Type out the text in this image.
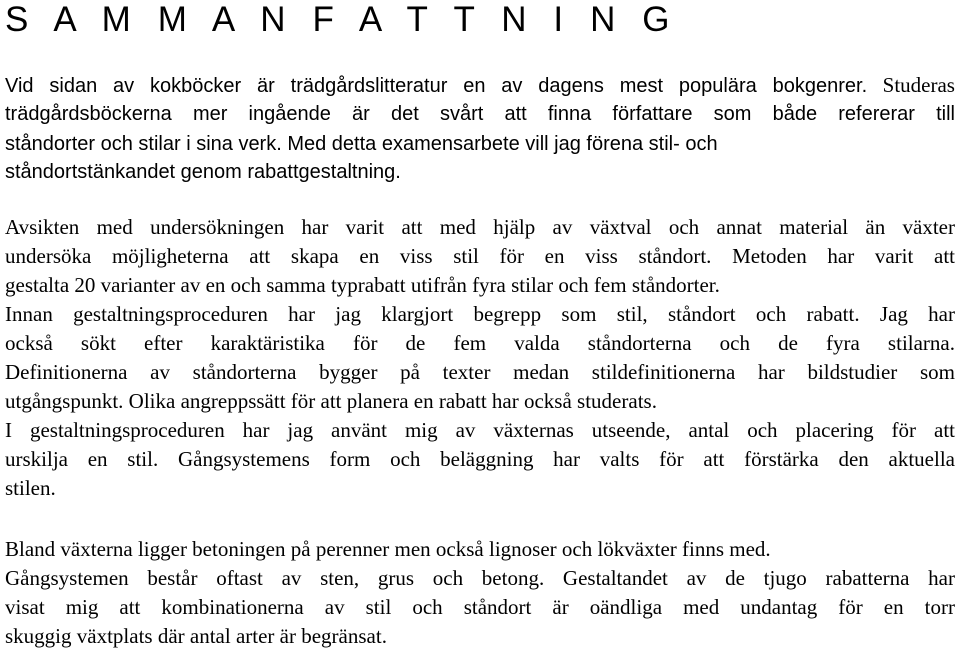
S A M M A N F A T T N I N G
Vid sidan av kokböcker är trädgårdslitteratur en av dagens mest populära bokgenrer. Studeras
trädgårdsböckerna mer ingående är det svårt att finna författare som både refererar till
ståndorter och stilar i sina verk. Med detta examensarbete vill jag förena stil- och
ståndortstänkandet genom rabattgestaltning.
Avsikten med undersökningen har varit att med hjälp av växtval och annat material än växter
undersöka möjligheterna att skapa en viss stil för en viss ståndort. Metoden har varit att
gestalta 20 varianter av en och samma typrabatt utifrån fyra stilar och fem ståndorter.
Innan gestaltningsproceduren har jag klargjort begrepp som stil, ståndort och rabatt. Jag har
också sökt efter karaktäristika för de fem valda ståndorterna och de fyra stilarna.
Definitionerna av ståndorterna bygger på texter medan stildefinitionerna har bildstudier som
utgångspunkt. Olika angreppssätt för att planera en rabatt har också studerats.
I gestaltningsproceduren har jag använt mig av växternas utseende, antal och placering för att
urskilja en stil. Gångsystemens form och beläggning har valts för att förstärka den aktuella
stilen.
Bland växterna ligger betoningen på perenner men också lignoser och lökväxter finns med.
Gångsystemen består oftast av sten, grus och betong. Gestaltandet av de tjugo rabatterna har
visat mig att kombinationerna av stil och ståndort är oändliga med undantag för en torr
skuggig växtplats där antal arter är begränsat.
